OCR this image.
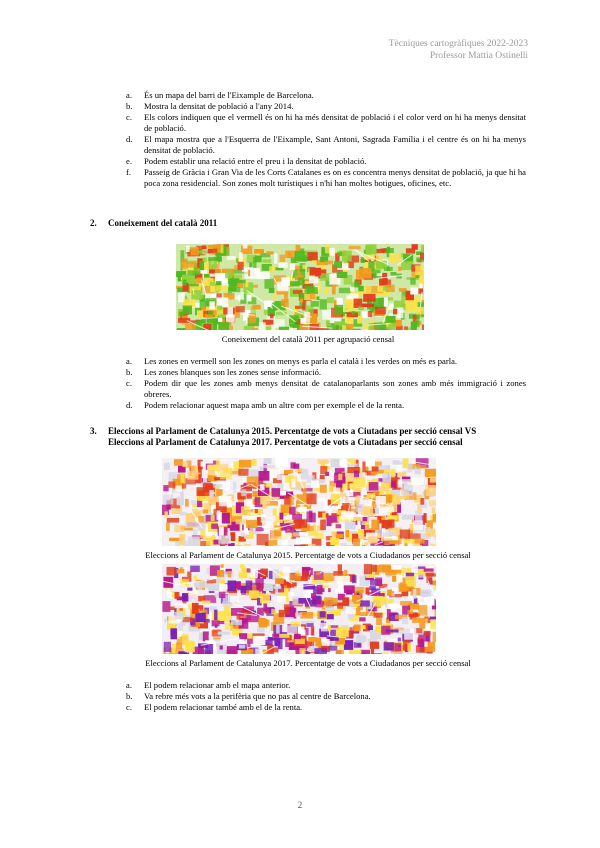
Tècniques cartogràfiques 2022-2023
Professor Mattia Ostinelli
a. És un mapa del barri de l'Eixample de Barcelona.
b. Mostra la densitat de població a l'any 2014.
c. Els colors indiquen que el vermell és on hi ha més densitat de població i el color verd on hi ha menys densitat de població.
d. El mapa mostra que a l'Esquerra de l'Eixample, Sant Antoni, Sagrada Família i el centre és on hi ha menys densitat de població.
e. Podem establir una relació entre el preu i la densitat de població.
f. Passeig de Gràcia i Gran Via de les Corts Catalanes es on es concentra menys densitat de població, ja que hi ha poca zona residencial. Son zones molt turístiques i n'hi han moltes botigues, oficines, etc.
2. Coneixement del català 2011
Coneixement del català 2011 per agrupació censal
a. Les zones en vermell son les zones on menys es parla el català i les verdes on més es parla.
b. Les zones blanques son les zones sense informació.
c. Podem dir que les zones amb menys densitat de catalanoparlants son zones amb més immigració i zones obreres.
d. Podem relacionar aquest mapa amb un altre com per exemple el de la renta.
3. Eleccions al Parlament de Catalunya 2015. Percentatge de vots a Ciutadans per secció censal VS
Eleccions al Parlament de Catalunya 2017. Percentatge de vots a Ciutadans per secció censal
Eleccions al Parlament de Catalunya 2015. Percentatge de vots a Ciudadanos per secció censal
Eleccions al Parlament de Catalunya 2017. Percentatge de vots a Ciudadanos per secció censal
a. El podem relacionar amb el mapa anterior.
b. Va rebre més vots a la perifèria que no pas al centre de Barcelona.
c. El podem relacionar també amb el de la renta.
2
